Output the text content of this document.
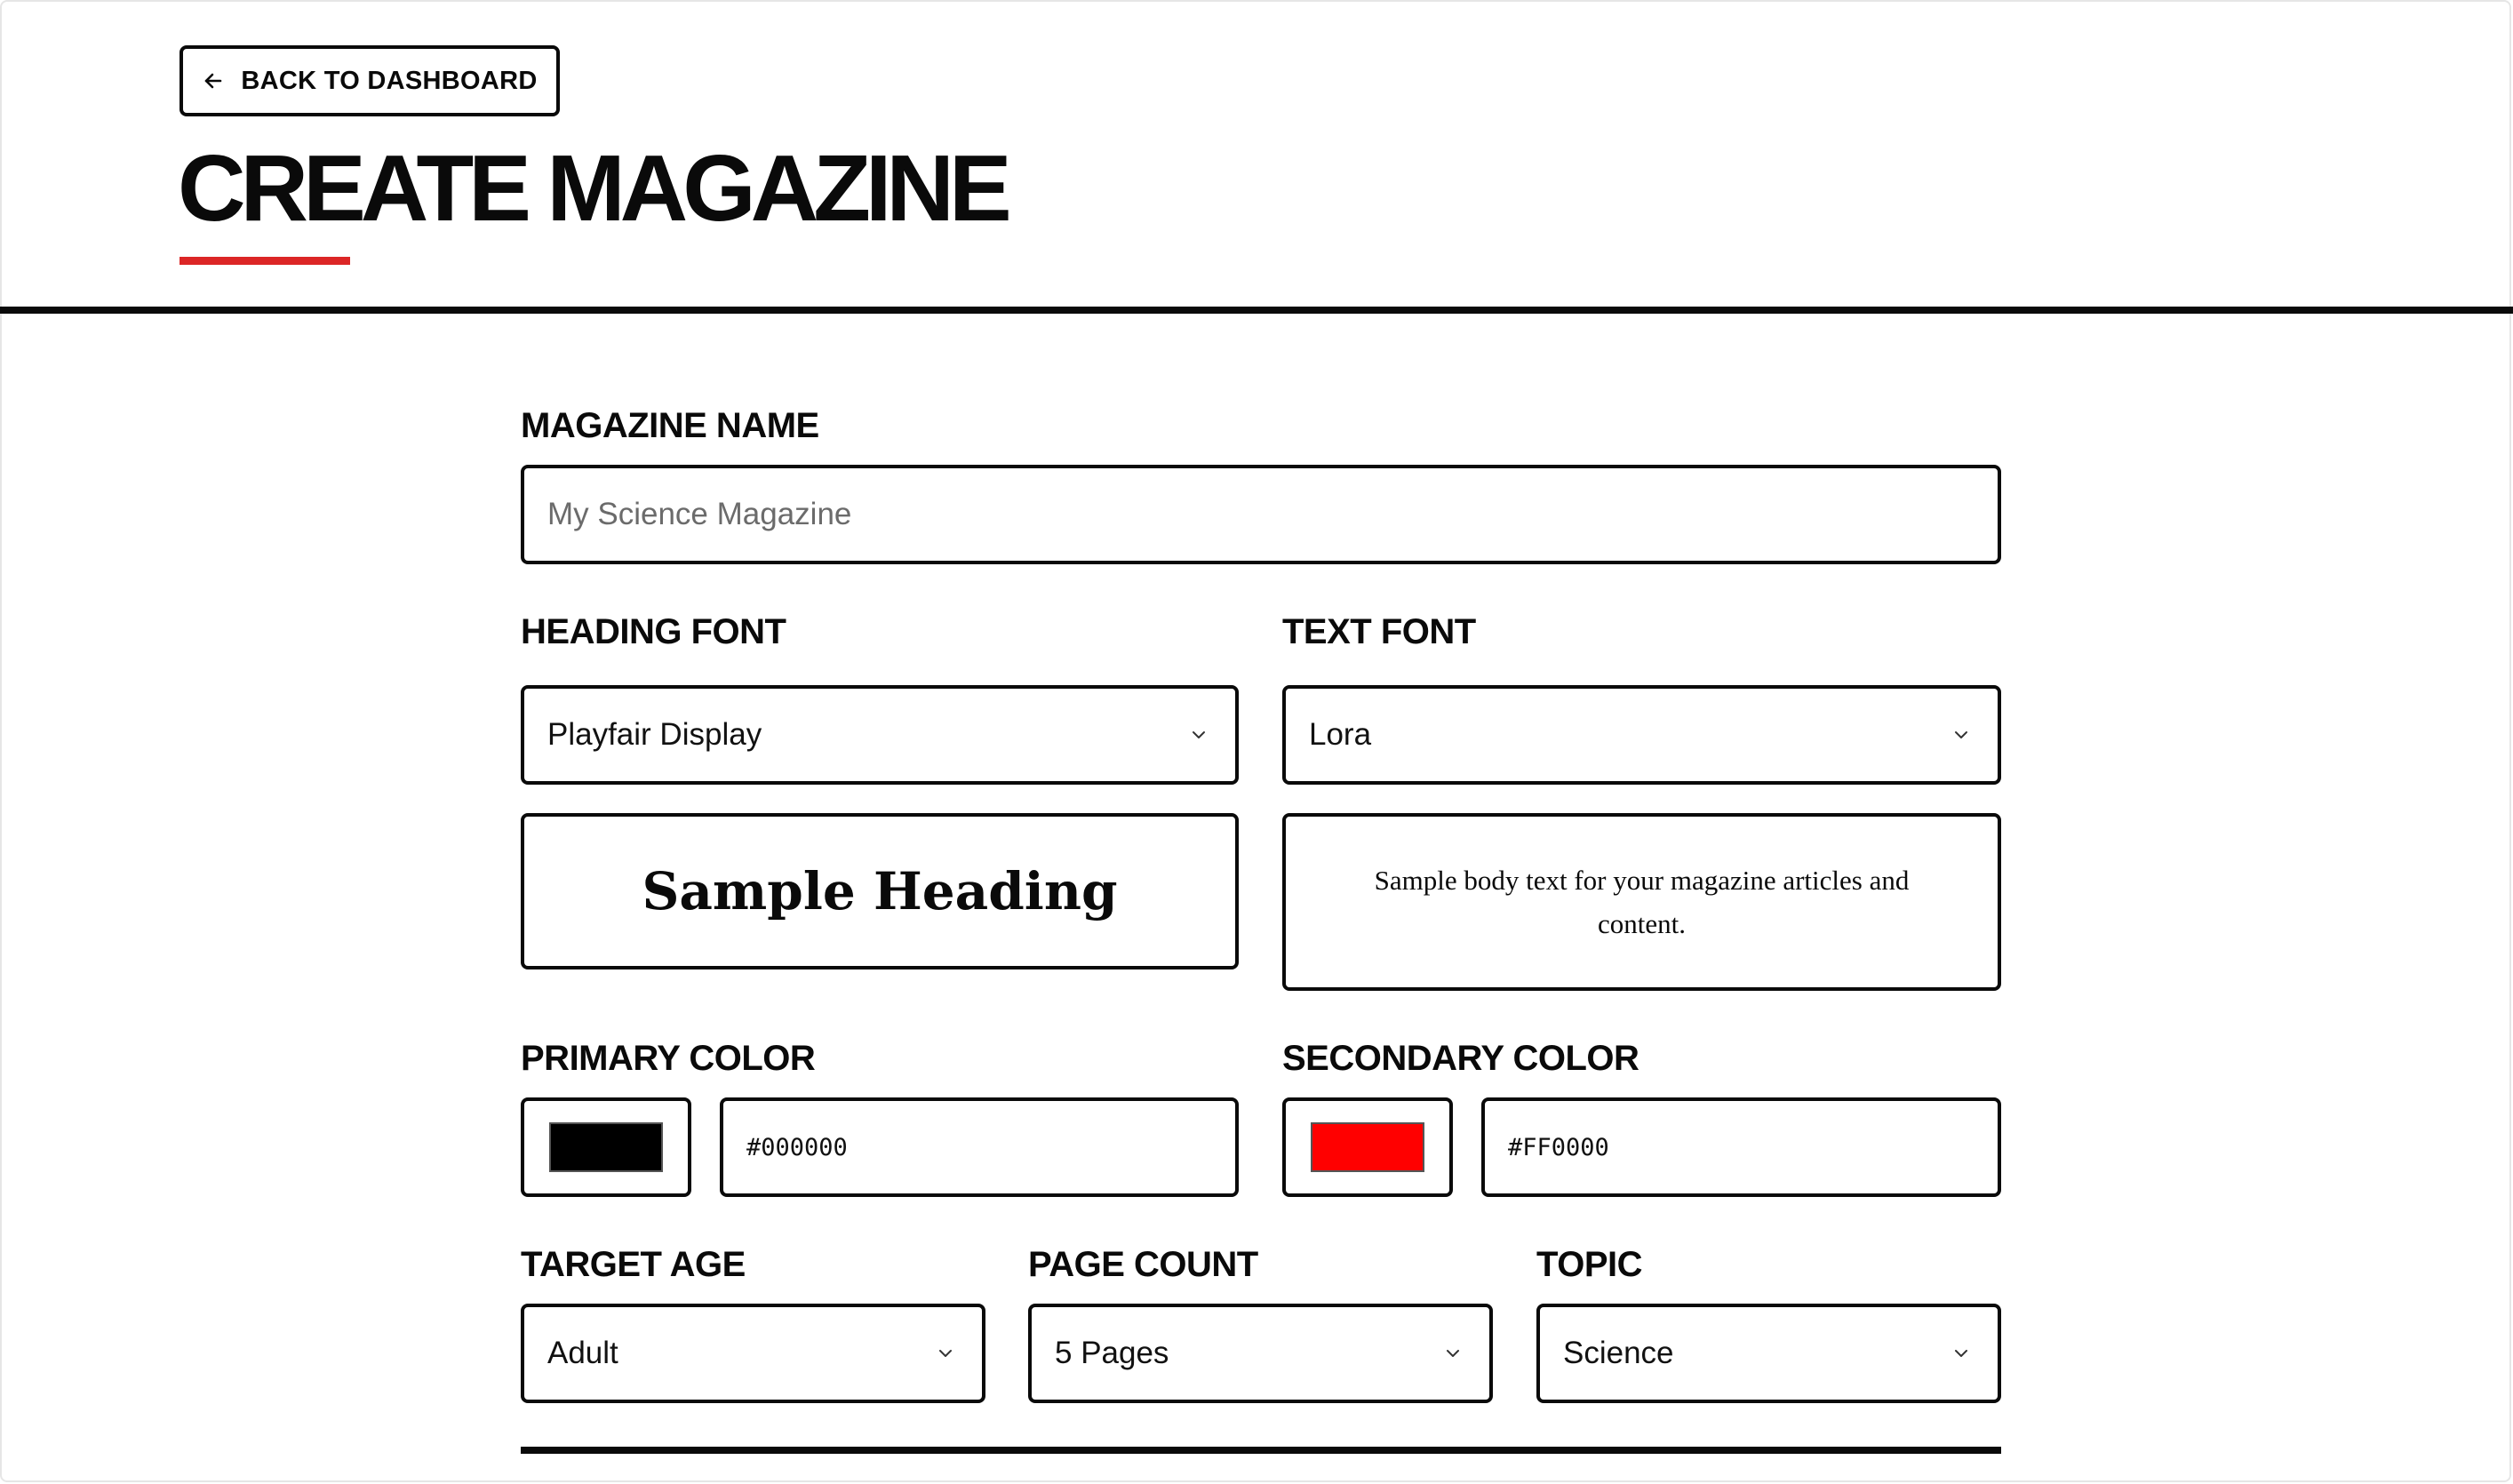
BACK TO DASHBOARD
CREATE MAGAZINE
MAGAZINE NAME
My Science Magazine
HEADING FONT
Playfair Display
Sample Heading
TEXT FONT
Lora
Sample body text for your magazine articles and content.
PRIMARY COLOR
#000000
SECONDARY COLOR
#FF0000
TARGET AGE
Adult
PAGE COUNT
5 Pages
TOPIC
Science
